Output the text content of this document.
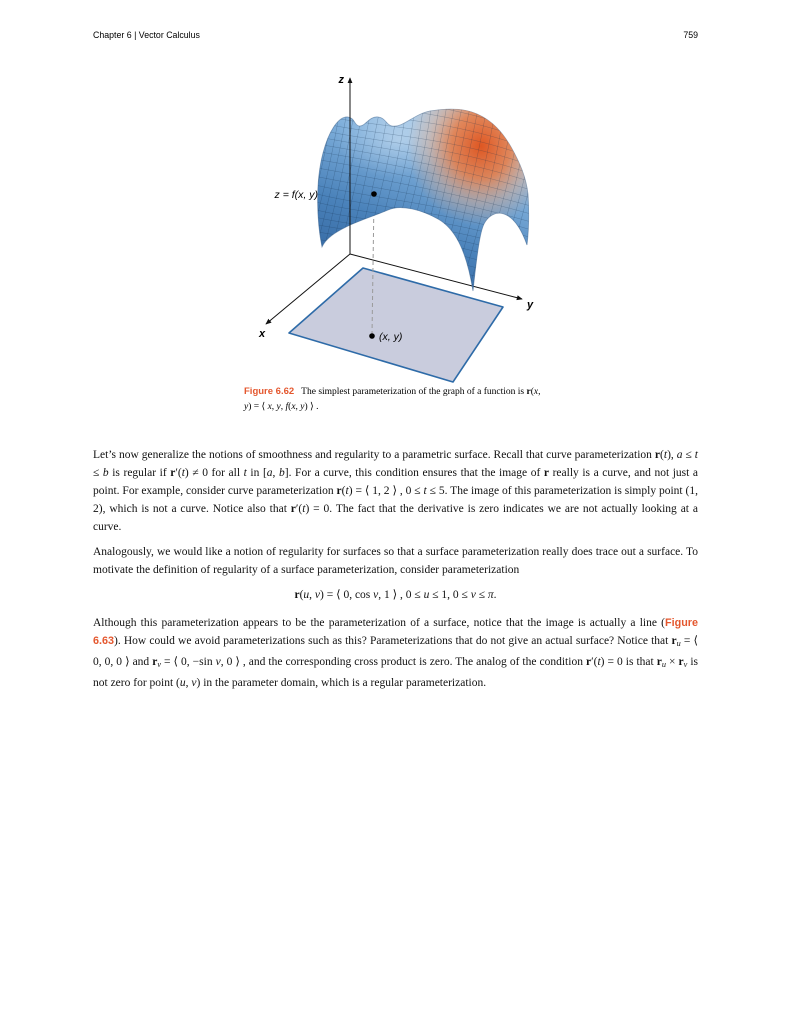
Chapter 6 | Vector Calculus	759
z
y
x
z = f(x, y)
(x, y)
Figure 6.62 The simplest parameterization of the graph of a function is r(x, y) = ⟨ x, y, f(x, y) ⟩ .

Let’s now generalize the notions of smoothness and regularity to a parametric surface. Recall that curve parameterization r(t), a ≤ t ≤ b is regular if r′(t) ≠ 0 for all t in [a, b]. For a curve, this condition ensures that the image of r really is a curve, and not just a point. For example, consider curve parameterization r(t) = ⟨ 1, 2 ⟩ , 0 ≤ t ≤ 5. The image of this parameterization is simply point (1, 2), which is not a curve. Notice also that r′(t) = 0. The fact that the derivative is zero indicates we are not actually looking at a curve.

Analogously, we would like a notion of regularity for surfaces so that a surface parameterization really does trace out a surface. To motivate the definition of regularity of a surface parameterization, consider parameterization

r(u, v) = ⟨ 0, cos v, 1 ⟩ , 0 ≤ u ≤ 1, 0 ≤ v ≤ π.

Although this parameterization appears to be the parameterization of a surface, notice that the image is actually a line (Figure 6.63). How could we avoid parameterizations such as this? Parameterizations that do not give an actual surface? Notice that ru = ⟨ 0, 0, 0 ⟩ and rv = ⟨ 0, −sin v, 0 ⟩ , and the corresponding cross product is zero. The analog of the condition r′(t) = 0 is that ru × rv is not zero for point (u, v) in the parameter domain, which is a regular parameterization.
